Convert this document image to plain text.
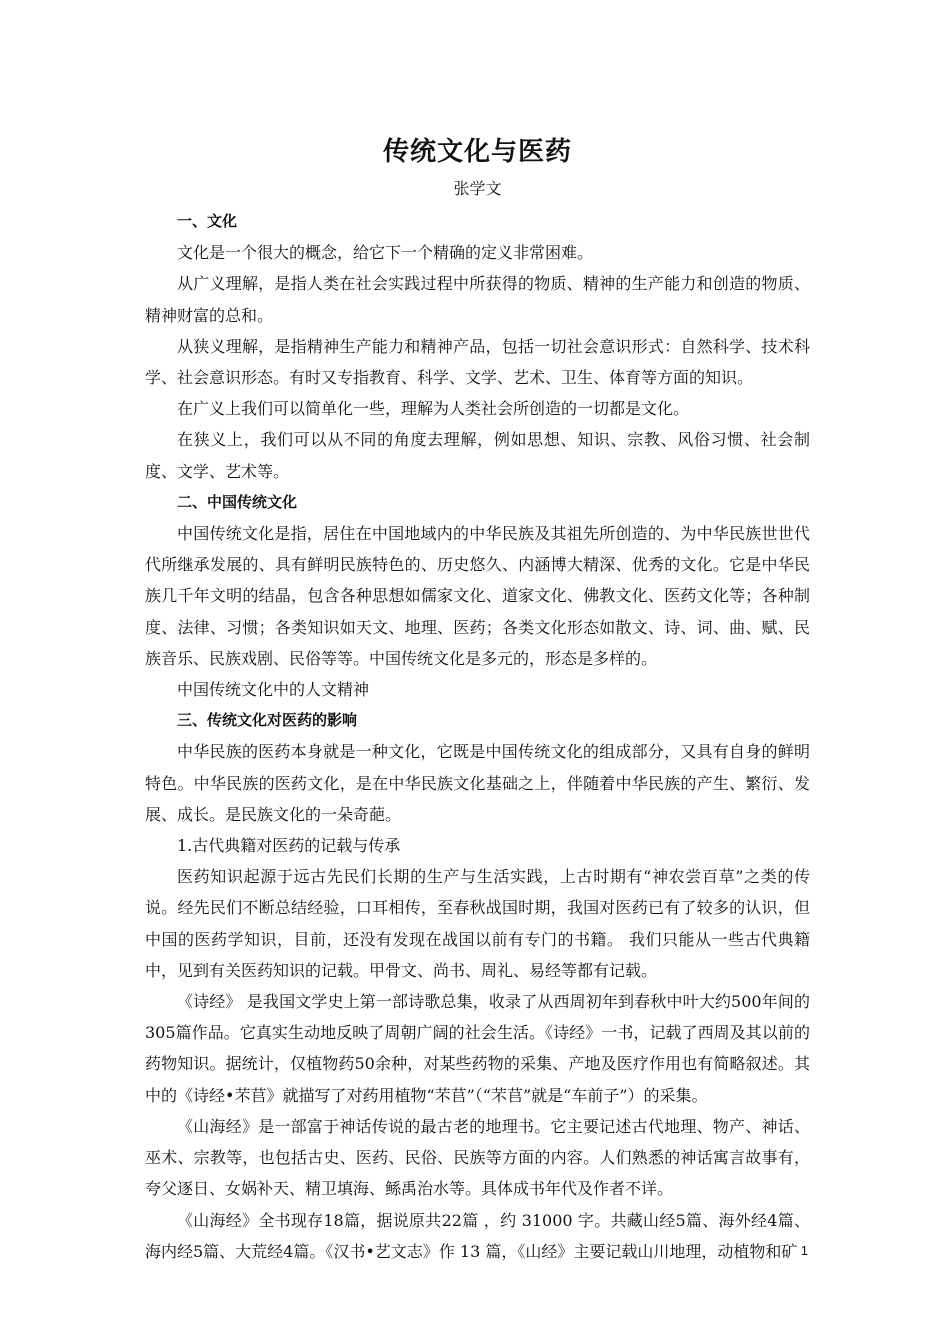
传统文化与医药
张学文

一、文化

文化是一个很大的概念，给它下一个精确的定义非常困难。

从广义理解，是指人类在社会实践过程中所获得的物质、精神的生产能力和创造的物质、精神财富的总和。

从狭义理解，是指精神生产能力和精神产品，包括一切社会意识形式：自然科学、技术科学、社会意识形态。有时又专指教育、科学、文学、艺术、卫生、体育等方面的知识。

在广义上我们可以简单化一些，理解为人类社会所创造的一切都是文化。

在狭义上，我们可以从不同的角度去理解，例如思想、知识、宗教、风俗习惯、社会制度、文学、艺术等。

二、中国传统文化

中国传统文化是指，居住在中国地域内的中华民族及其祖先所创造的、为中华民族世世代代所继承发展的、具有鲜明民族特色的、历史悠久、内涵博大精深、优秀的文化。它是中华民族几千年文明的结晶，包含各种思想如儒家文化、道家文化、佛教文化、医药文化等；各种制度、法律、习惯；各类知识如天文、地理、医药；各类文化形态如散文、诗、词、曲、赋、民族音乐、民族戏剧、民俗等等。中国传统文化是多元的，形态是多样的。

中国传统文化中的人文精神

三、传统文化对医药的影响

中华民族的医药本身就是一种文化，它既是中国传统文化的组成部分，又具有自身的鲜明特色。中华民族的医药文化，是在中华民族文化基础之上，伴随着中华民族的产生、繁衍、发展、成长。是民族文化的一朵奇葩。

1.古代典籍对医药的记载与传承

医药知识起源于远古先民们长期的生产与生活实践，上古时期有“神农尝百草”之类的传说。经先民们不断总结经验，口耳相传，至春秋战国时期，我国对医药已有了较多的认识，但中国的医药学知识，目前，还没有发现在战国以前有专门的书籍。 我们只能从一些古代典籍中，见到有关医药知识的记载。甲骨文、尚书、周礼、易经等都有记载。

《诗经》 是我国文学史上第一部诗歌总集，收录了从西周初年到春秋中叶大约500年间的305篇作品。它真实生动地反映了周朝广阔的社会生活。《诗经》一书，记载了西周及其以前的药物知识。据统计，仅植物药50余种，对某些药物的采集、产地及医疗作用也有简略叙述。其中的《诗经•芣苢》就描写了对药用植物“芣苢”（“芣苢”就是“车前子”）的采集。

《山海经》是一部富于神话传说的最古老的地理书。它主要记述古代地理、物产、神话、巫术、宗教等，也包括古史、医药、民俗、民族等方面的内容。人们熟悉的神话寓言故事有，夸父逐日、女娲补天、精卫填海、鲧禹治水等。具体成书年代及作者不详。

《山海经》全书现存18篇，据说原共22篇 ，约 31000 字。共藏山经5篇、海外经4篇、海内经5篇、大荒经4篇。《汉书•艺文志》作 13 篇，《山经》主要记载山川地理，动植物和矿 1
